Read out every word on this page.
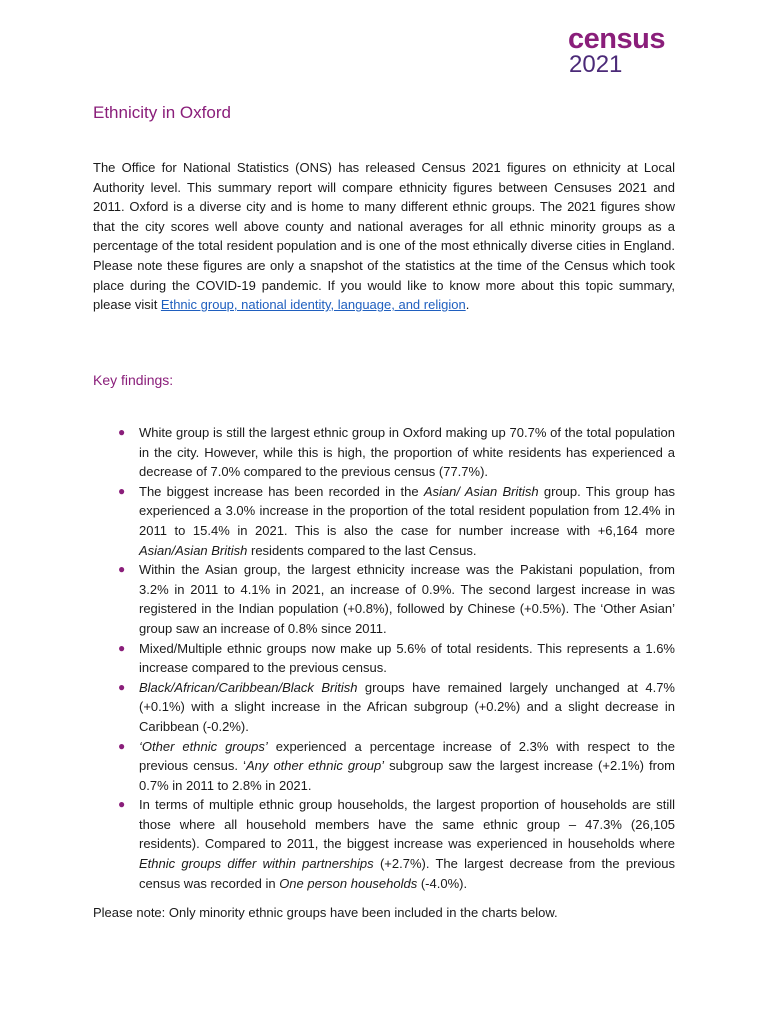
census
2021
Ethnicity in Oxford

The Office for National Statistics (ONS) has released Census 2021 figures on ethnicity at Local Authority level. This summary report will compare ethnicity figures between Censuses 2021 and 2011. Oxford is a diverse city and is home to many different ethnic groups. The 2021 figures show that the city scores well above county and national averages for all ethnic minority groups as a percentage of the total resident population and is one of the most ethnically diverse cities in England. Please note these figures are only a snapshot of the statistics at the time of the Census which took place during the COVID-19 pandemic. If you would like to know more about this topic summary, please visit Ethnic group, national identity, language, and religion.

Key findings:
● White group is still the largest ethnic group in Oxford making up 70.7% of the total population in the city. However, while this is high, the proportion of white residents has experienced a decrease of 7.0% compared to the previous census (77.7%).
● The biggest increase has been recorded in the Asian/ Asian British group. This group has experienced a 3.0% increase in the proportion of the total resident population from 12.4% in 2011 to 15.4% in 2021. This is also the case for number increase with +6,164 more Asian/Asian British residents compared to the last Census.
● Within the Asian group, the largest ethnicity increase was the Pakistani population, from 3.2% in 2011 to 4.1% in 2021, an increase of 0.9%. The second largest increase in was registered in the Indian population (+0.8%), followed by Chinese (+0.5%). The ‘Other Asian’ group saw an increase of 0.8% since 2011.
● Mixed/Multiple ethnic groups now make up 5.6% of total residents. This represents a 1.6% increase compared to the previous census.
● Black/African/Caribbean/Black British groups have remained largely unchanged at 4.7% (+0.1%) with a slight increase in the African subgroup (+0.2%) and a slight decrease in Caribbean (-0.2%).
● ‘Other ethnic groups’ experienced a percentage increase of 2.3% with respect to the previous census. ‘Any other ethnic group’ subgroup saw the largest increase (+2.1%) from 0.7% in 2011 to 2.8% in 2021.
● In terms of multiple ethnic group households, the largest proportion of households are still those where all household members have the same ethnic group – 47.3% (26,105 residents). Compared to 2011, the biggest increase was experienced in households where Ethnic groups differ within partnerships (+2.7%). The largest decrease from the previous census was recorded in One person households (-4.0%).

Please note: Only minority ethnic groups have been included in the charts below.
